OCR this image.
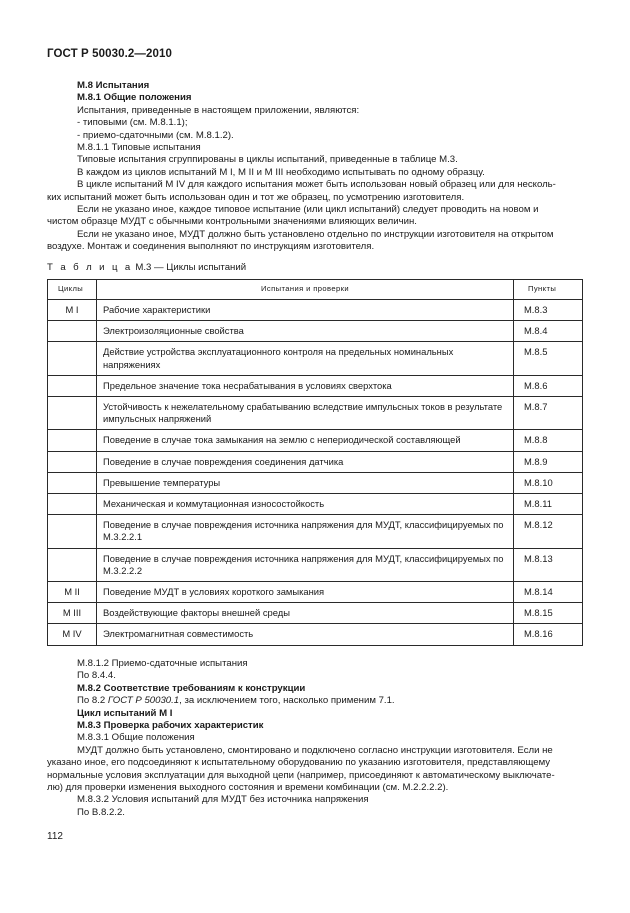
ГОСТ Р 50030.2—2010
М.8 Испытания
М.8.1 Общие положения
Испытания, приведенные в настоящем приложении, являются:
- типовыми (см. М.8.1.1);
- приемо-сдаточными (см. М.8.1.2).
М.8.1.1 Типовые испытания
Типовые испытания сгруппированы в циклы испытаний, приведенные в таблице М.3.
В каждом из циклов испытаний М I, М II и М III необходимо испытывать по одному образцу.
В цикле испытаний М IV для каждого испытания может быть использован новый образец или для несколь-
ких испытаний может быть использован один и тот же образец, по усмотрению изготовителя.
Если не указано иное, каждое типовое испытание (или цикл испытаний) следует проводить на новом и
чистом образце МУДТ с обычными контрольными значениями влияющих величин.
Если не указано иное, МУДТ должно быть установлено отдельно по инструкции изготовителя на открытом
воздухе. Монтаж и соединения выполняют по инструкциям изготовителя.
Т а б л и ц а М.3 — Циклы испытаний
Циклы	Испытания и проверки	Пункты
М I	Рабочие характеристики	М.8.3
	Электроизоляционные свойства	М.8.4
	Действие устройства эксплуатационного контроля на предельных номинальных напряжениях	М.8.5
	Предельное значение тока несрабатывания в условиях сверхтока	М.8.6
	Устойчивость к нежелательному срабатыванию вследствие импульсных токов в результате импульсных напряжений	М.8.7
	Поведение в случае тока замыкания на землю с непериодической составляющей	М.8.8
	Поведение в случае повреждения соединения датчика	М.8.9
	Превышение температуры	М.8.10
	Механическая и коммутационная износостойкость	М.8.11
	Поведение в случае повреждения источника напряжения для МУДТ, классифицируемых по М.3.2.2.1	М.8.12
	Поведение в случае повреждения источника напряжения для МУДТ, классифицируемых по М.3.2.2.2	М.8.13
М II	Поведение МУДТ в условиях короткого замыкания	М.8.14
М III	Воздействующие факторы внешней среды	М.8.15
М IV	Электромагнитная совместимость	М.8.16
М.8.1.2 Приемо-сдаточные испытания
По 8.4.4.
М.8.2 Соответствие требованиям к конструкции
По 8.2 ГОСТ Р 50030.1, за исключением того, насколько применим 7.1.
Цикл испытаний М I
М.8.3 Проверка рабочих характеристик
М.8.3.1 Общие положения
МУДТ должно быть установлено, смонтировано и подключено согласно инструкции изготовителя. Если не
указано иное, его подсоединяют к испытательному оборудованию по указанию изготовителя, представляющему
нормальные условия эксплуатации для выходной цепи (например, присоединяют к автоматическому выключате-
лю) для проверки изменения выходного состояния и времени комбинации (см. М.2.2.2.2).
М.8.3.2 Условия испытаний для МУДТ без источника напряжения
По В.8.2.2.
112
